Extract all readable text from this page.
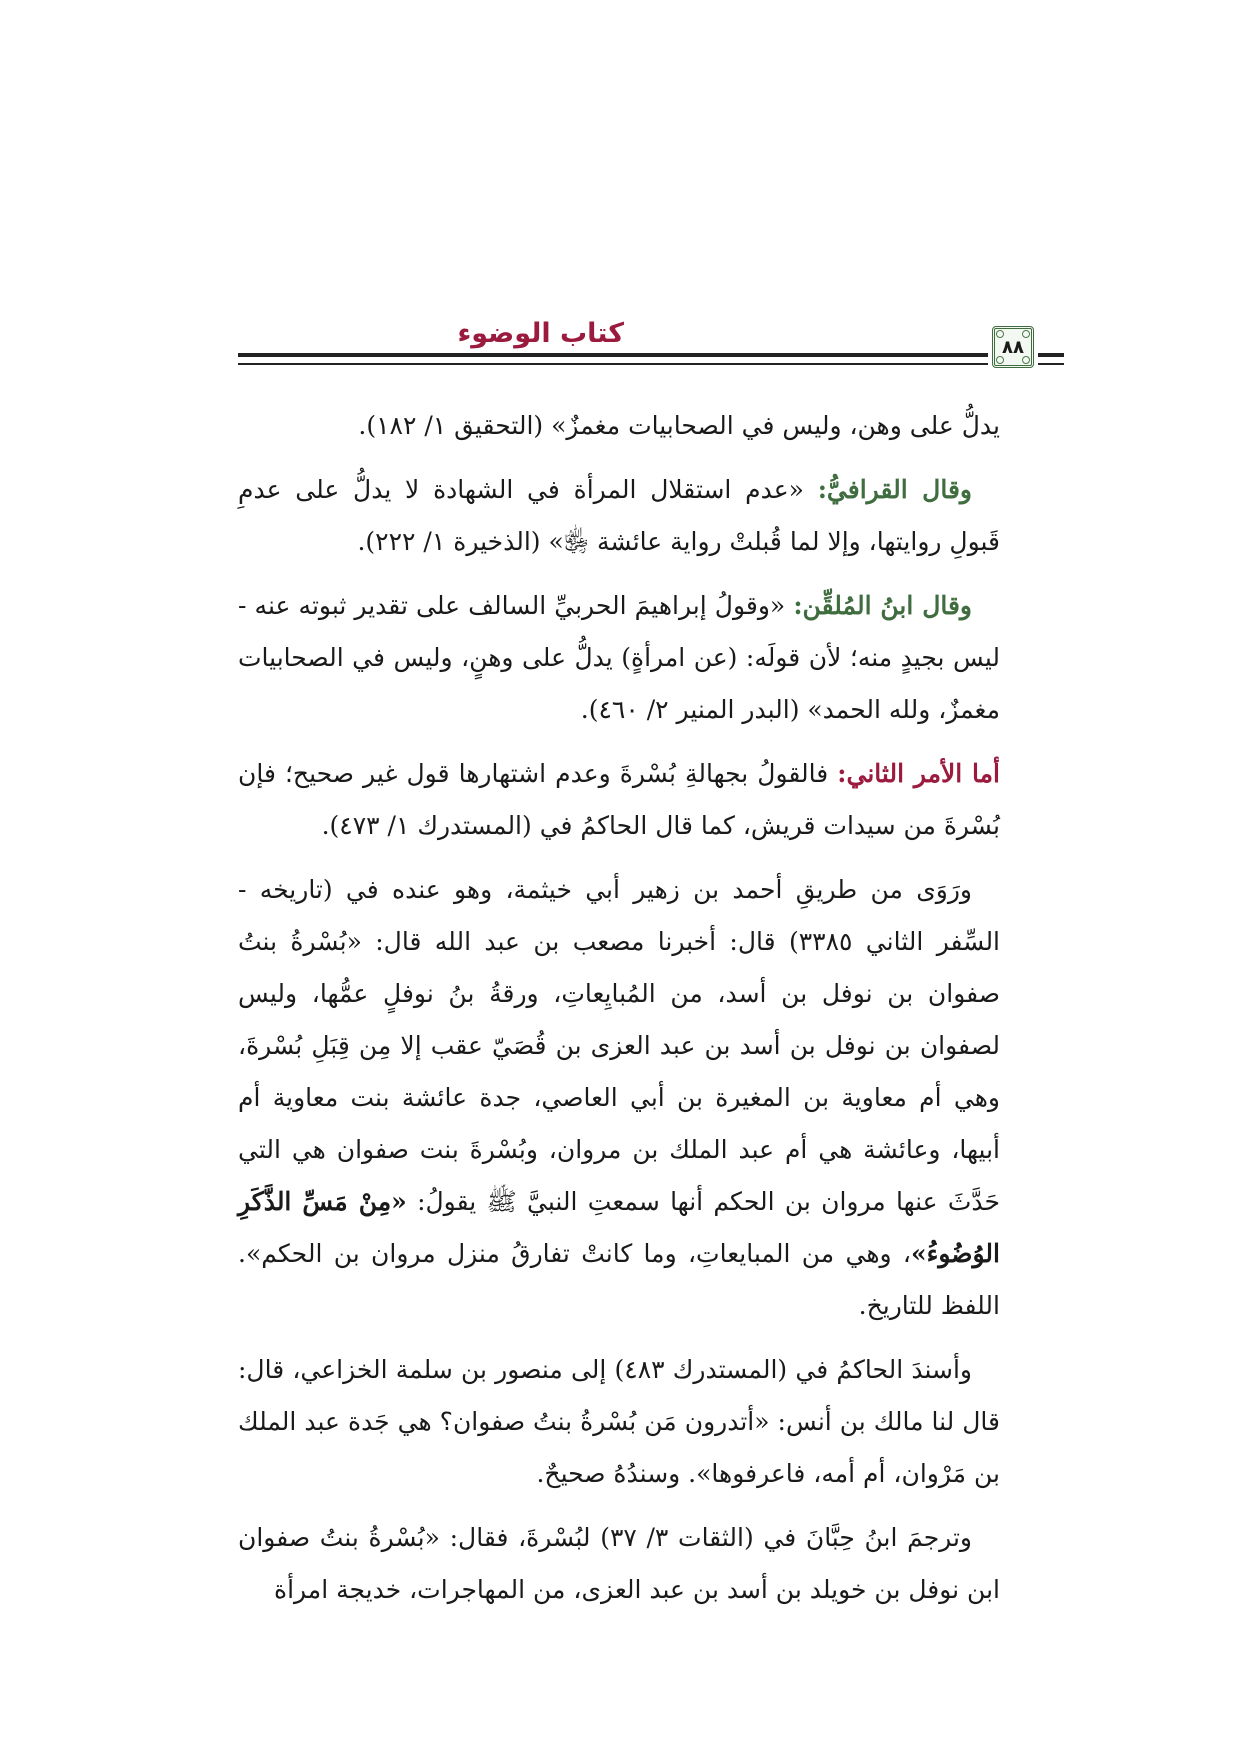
كتاب الوضوء	٨٨

يدلُّ على وهن، وليس في الصحابيات مغمزٌ» (التحقيق ١/ ١٨٢).

وقال القرافيُّ: «عدم استقلال المرأة في الشهادة لا يدلُّ على عدمِ قَبولِ روايتها، وإلا لما قُبلتْ رواية عائشة ﵂» (الذخيرة ١/ ٢٢٢).

وقال ابنُ المُلقِّن: «وقولُ إبراهيمَ الحربيِّ السالف على تقدير ثبوته عنه - ليس بجيدٍ منه؛ لأن قولَه: (عن امرأةٍ) يدلُّ على وهنٍ، وليس في الصحابيات مغمزٌ، ولله الحمد» (البدر المنير ٢/ ٤٦٠).

أما الأمر الثاني: فالقولُ بجهالةِ بُسْرةَ وعدم اشتهارها قول غير صحيح؛ فإن بُسْرةَ من سيدات قريش، كما قال الحاكمُ في (المستدرك ١/ ٤٧٣).

ورَوَى من طريقِ أحمد بن زهير أبي خيثمة، وهو عنده في (تاريخه - السِّفر الثاني ٣٣٨٥) قال: أخبرنا مصعب بن عبد الله قال: «بُسْرةُ بنتُ صفوان بن نوفل بن أسد، من المُبايِعاتِ، ورقةُ بنُ نوفلٍ عمُّها، وليس لصفوان بن نوفل بن أسد بن عبد العزى بن قُصَيّ عقب إلا مِن قِبَلِ بُسْرةَ، وهي أم معاوية بن المغيرة بن أبي العاصي، جدة عائشة بنت معاوية أم أبيها، وعائشة هي أم عبد الملك بن مروان، وبُسْرةَ بنت صفوان هي التي حَدَّثَ عنها مروان بن الحكم أنها سمعتِ النبيَّ ﷺ يقولُ: «مِنْ مَسِّ الذَّكَرِ الوُضُوءُ»، وهي من المبايعاتِ، وما كانتْ تفارقُ منزل مروان بن الحكم». اللفظ للتاريخ.

وأسندَ الحاكمُ في (المستدرك ٤٨٣) إلى منصور بن سلمة الخزاعي، قال: قال لنا مالك بن أنس: «أتدرون مَن بُسْرةُ بنتُ صفوان؟ هي جَدة عبد الملك بن مَرْوان، أم أمه، فاعرفوها». وسندُهُ صحيحٌ.

وترجمَ ابنُ حِبَّانَ في (الثقات ٣/ ٣٧) لبُسْرةَ، فقال: «بُسْرةُ بنتُ صفوان ابن نوفل بن خويلد بن أسد بن عبد العزى، من المهاجرات، خديجة امرأة
